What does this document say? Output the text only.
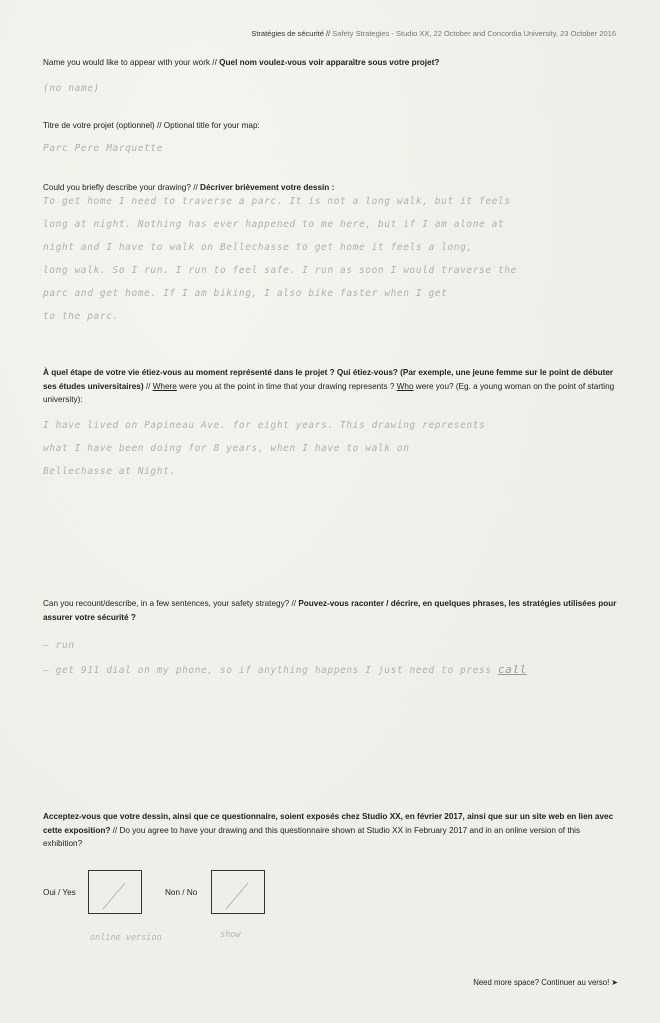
Stratégies de sécurité // Safety Strategies - Studio XX, 22 October and Concordia University, 23 October 2016
Name you would like to appear with your work // Quel nom voulez-vous voir apparaître sous votre projet?
(no name)
Titre de votre projet (optionnel) // Optional title for your map:
Parc Pere Marquette
Could you briefly describe your drawing? // Décriver brièvement votre dessin :
To get home I need to traverse a parc. It is not a long walk, but it feels
long at night. Nothing has ever happened to me here, but if I am alone at
night and I have to walk on Bellechasse to get home it feels a long,
long walk. So I run. I run to feel safe. I run as soon I would traverse the
parc and get home. If I am biking, I also bike faster when I get
to the parc.
À quel étape de votre vie étiez-vous au moment représenté dans le projet ? Qui étiez-vous? (Par exemple, une jeune femme sur le point de débuter ses études universitaires) // Where were you at the point in time that your drawing represents ? Who were you? (Eg. a young woman on the point of starting university):
I have lived on Papineau Ave. for eight years. This drawing represents
what I have been doing for 8 years, when I have to walk on
Bellechasse at Night.
Can you recount/describe, in a few sentences, your safety strategy? // Pouvez-vous raconter / décrire, en quelques phrases, les stratégies utilisées pour assurer votre sécurité ?
– run
– get 911 dial on my phone, so if anything happens I just need to press call
Acceptez-vous que votre dessin, ainsi que ce questionnaire, soient exposés chez Studio XX, en février 2017, ainsi que sur un site web en lien avec cette exposition? // Do you agree to have your drawing and this questionnaire shown at Studio XX in February 2017 and in an online version of this exhibition?
Oui / Yes
online version
Non / No
show
Need more space? Continuer au verso! ➤
